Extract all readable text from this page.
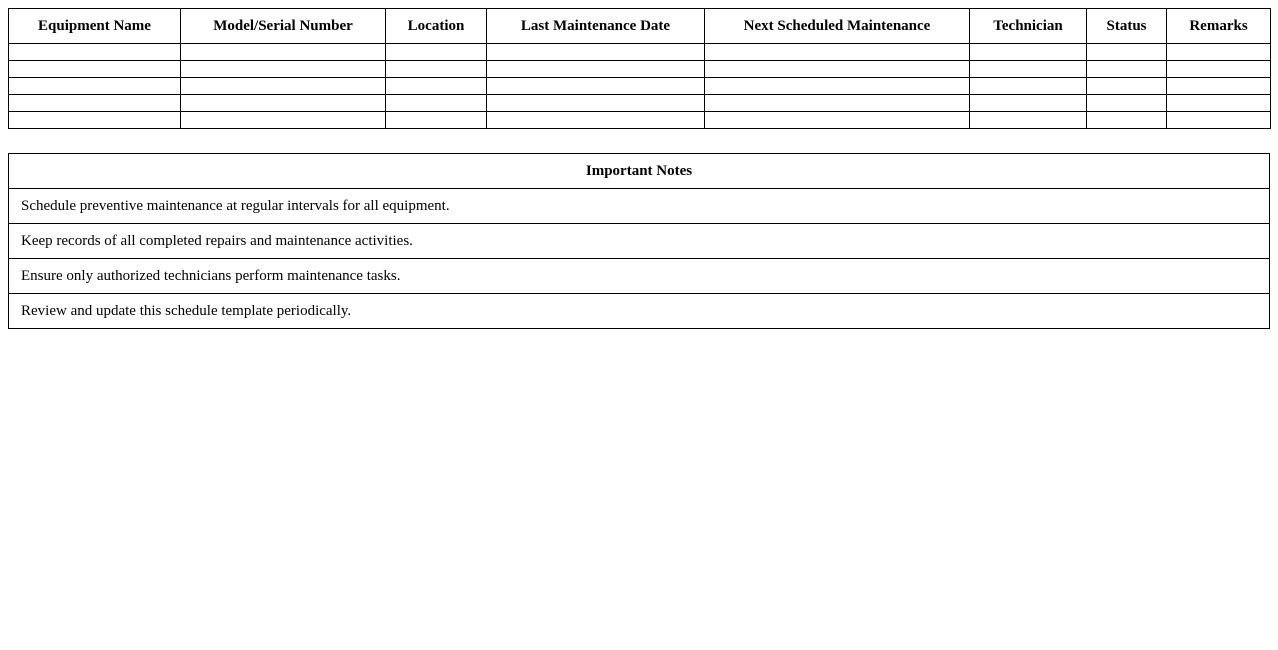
Equipment Name	Model/Serial Number	Location	Last Maintenance Date	Next Scheduled Maintenance	Technician	Status	Remarks

Important Notes
Schedule preventive maintenance at regular intervals for all equipment.
Keep records of all completed repairs and maintenance activities.
Ensure only authorized technicians perform maintenance tasks.
Review and update this schedule template periodically.
